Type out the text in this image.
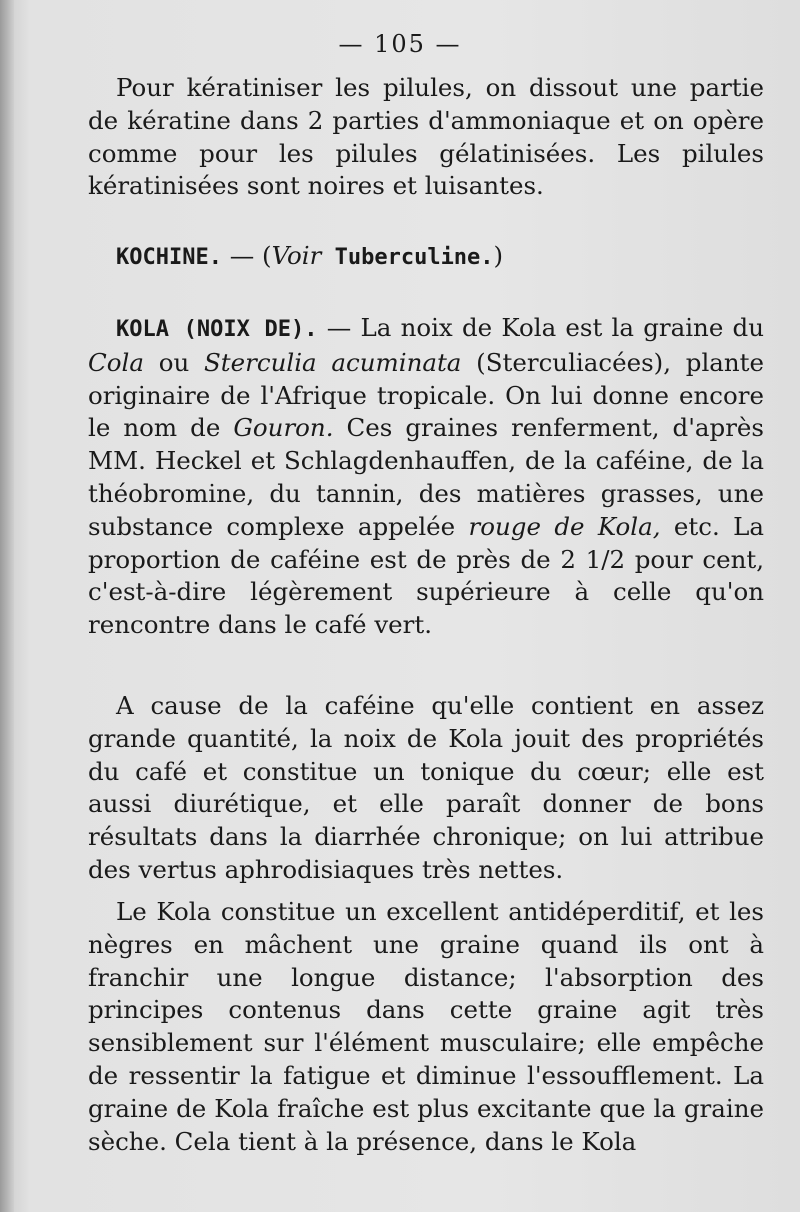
— 105 —

Pour kératiniser les pilules, on dissout une partie de kératine dans 2 parties d'ammoniaque et on opère comme pour les pilules gélatinisées. Les pilules kératinisées sont noires et luisantes.

KOCHINE. — (Voir Tuberculine.)

KOLA (NOIX DE). — La noix de Kola est la graine du Cola ou Sterculia acuminata (Sterculiacées), plante originaire de l'Afrique tropicale. On lui donne encore le nom de Gouron. Ces graines renferment, d'après MM. Heckel et Schlagdenhauffen, de la caféine, de la théobromine, du tannin, des matières grasses, une substance complexe appelée rouge de Kola, etc. La proportion de caféine est de près de 2 1/2 pour cent, c'est-à-dire légèrement supérieure à celle qu'on rencontre dans le café vert.

A cause de la caféine qu'elle contient en assez grande quantité, la noix de Kola jouit des propriétés du café et constitue un tonique du cœur; elle est aussi diurétique, et elle paraît donner de bons résultats dans la diarrhée chronique; on lui attribue des vertus aphrodisiaques très nettes.

Le Kola constitue un excellent antidéperditif, et les nègres en mâchent une graine quand ils ont à franchir une longue distance; l'absorption des principes contenus dans cette graine agit très sensiblement sur l'élément musculaire; elle empêche de ressentir la fatigue et diminue l'essoufflement. La graine de Kola fraîche est plus excitante que la graine sèche. Cela tient à la présence, dans le Kola
